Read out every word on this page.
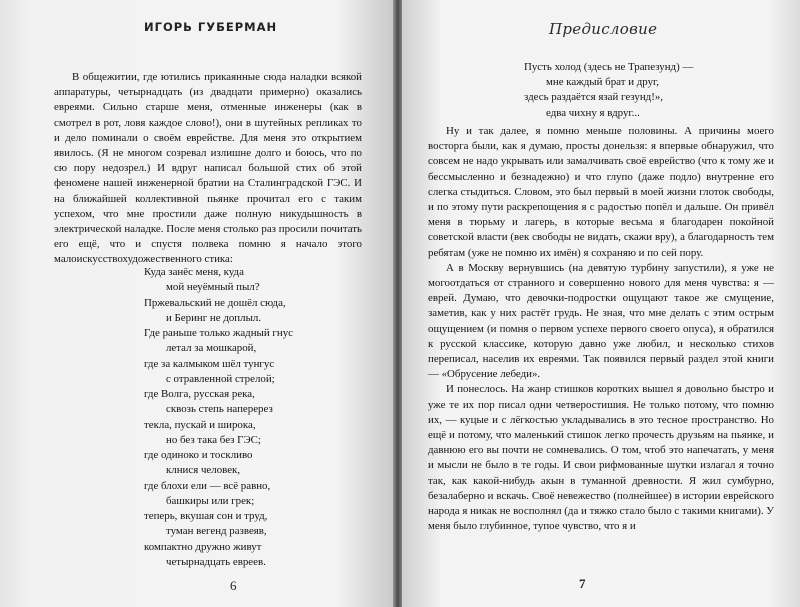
ИГОРЬ ГУБЕРМАН

В общежитии, где ютились прикаянные сюда наладки всякой аппаратуры, четырнадцать (из двадцати примерно) оказались евреями. Сильно старше меня, отменные инженеры (как в смотрел в рот, ловя каждое слово!), они в шутейных репликах то и дело поминали о своём еврействе. Для меня это открытием явилось. (Я не многом созревал излишне долго и боюсь, что по сю пору недозрел.) И вдруг написал большой стих об этой феномене нашей инженерной братии на Сталинградской ГЭС. И на ближайшей коллективной пьянке прочитал его с таким успехом, что мне простили даже полную никудышность в электрической наладке. После меня столько раз просили почитать его ещё, что и спустя полвека помню я начало этого малоискусствохудожественного стика:

Куда занёс меня, куда
мой неуёмный пыл?
Пржевальский не дошёл сюда,
и Беринг не доплыл.
Где раньше только жадный гнус
летал за мошкарой,
где за калмыком шёл тунгус
с отравленной стрелой;
где Волга, русская река,
сквозь степь наперерез
текла, пускай и широка,
но без така без ГЭС;
где одиноко и тоскливо
клнися человек,
где блохи ели — всё равно,
башкиры или грек;
теперь, вкушая сон и труд,
туман вегенд развеяв,
компактно дружно живут
четырнадцать евреев.
6
Предисловие
Пусть холод (здесь не Трапезунд) —
мне каждый брат и друг,
здесь раздаётся язай гезунд!»,
едва чихну я вдруг...

Ну и так далее, я помню меньше половины. А причины моего восторга были, как я думаю, просты донельзя: я впервые обнаружил, что совсем не надо укрывать или замалчивать своё еврейство (что к тому же и бессмысленно и безнадежно) и что глупо (даже подло) внутренне его слегка стыдиться. Словом, это был первый в моей жизни глоток свободы, и по этому пути раскрепощения я с радостью попёл и дальше. Он привёл меня в тюрьму и лагерь, в которые весьма я благодарен покойной советской власти (век свободы не видать, скажи вру), а благодарность тем ребятам (уже не помню их имён) я сохраняю и по сей пору.

А в Москву вернувшись (на девятую турбину запустили), я уже не могоотдаться от странного и совершенно нового для меня чувства: я — еврей. Думаю, что девочки-подростки ощущают такое же смущение, заметив, как у них растёт грудь. Не зная, что мне делать с этим острым ощущением (и помня о первом успехе первого своего опуса), я обратился к русской классике, которую давно уже любил, и несколько стихов переписал, населив их евреями. Так появился первый раздел этой книги — «Обрусение лебеди».

И понеслось. На жанр стишков коротких вышел я довольно быстро и уже те их пор писал одни четверостишия. Не только потому, что помню их, — куцые и с лёгкостью укладывались в это тесное пространство. Но ещё и потому, что маленький стишок легко прочесть друзьям на пьянке, и давнюю его вы почти не сомневались. О том, чтоб это напечатать, у меня и мысли не было в те годы. И свои рифмованные шутки излагал я точно так, как какой-нибудь акын в туманной древности. Я жил сумбурно, безалаберно и вскачь. Своё невежество (полнейшее) в истории еврейского народа я никак не восполнял (да и тяжко стало было с такими книгами). У меня было глубинное, тупое чувство, что я и

7
